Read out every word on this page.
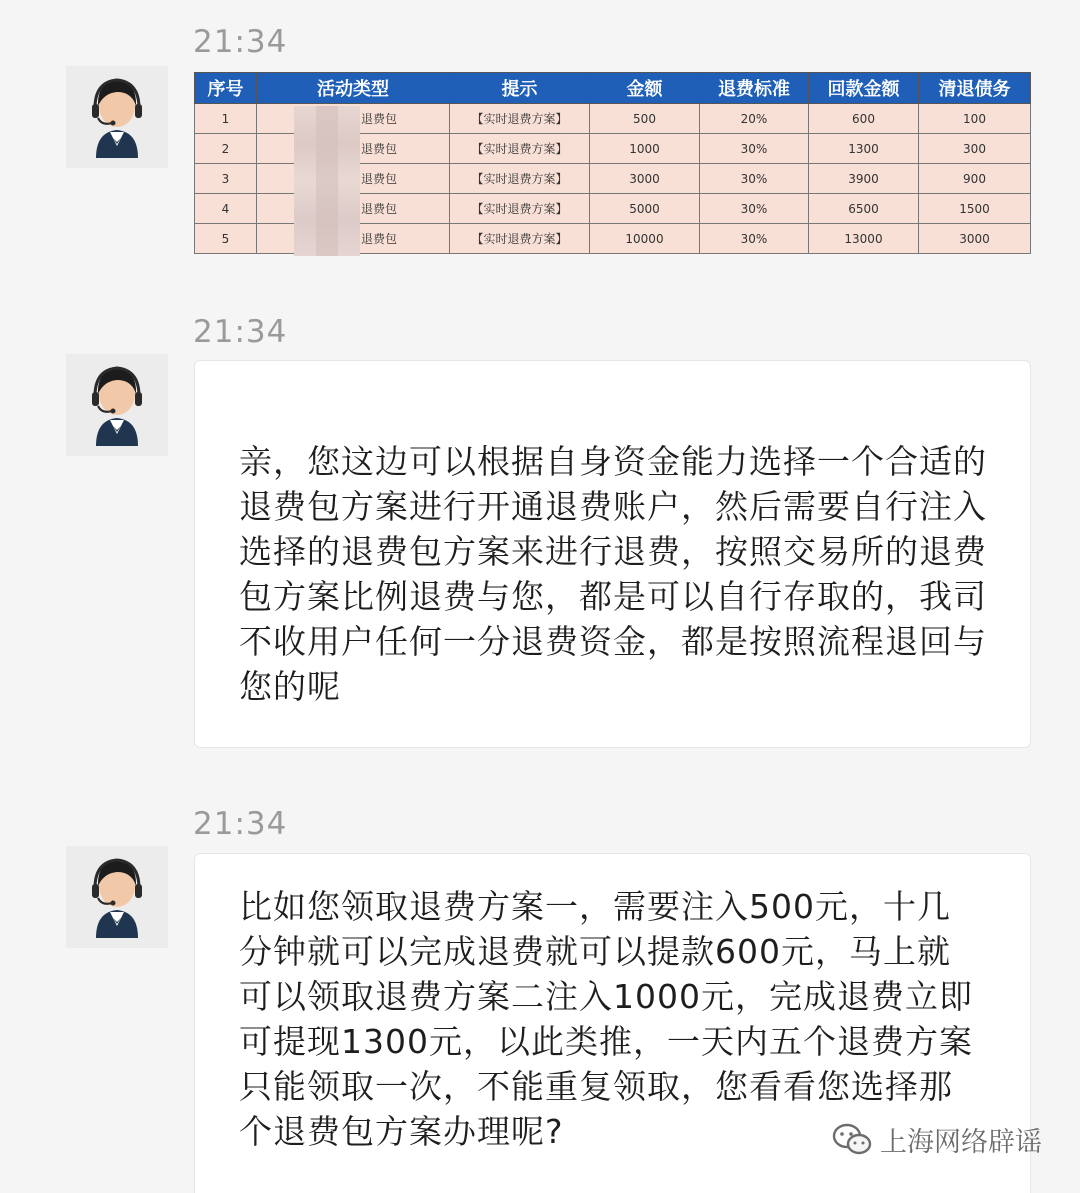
21:34
序号	活动类型	提示	金额	退费标准	回款金额	清退债务
1	退费包	【实时退费方案】	500	20%	600	100
2	退费包	【实时退费方案】	1000	30%	1300	300
3	退费包	【实时退费方案】	3000	30%	3900	900
4	退费包	【实时退费方案】	5000	30%	6500	1500
5	退费包	【实时退费方案】	10000	30%	13000	3000
21:34
亲，您这边可以根据自身资金能力选择一个合适的退费包方案进行开通退费账户，然后需要自行注入选择的退费包方案来进行退费，按照交易所的退费包方案比例退费与您，都是可以自行存取的，我司不收用户任何一分退费资金，都是按照流程退回与您的呢
21:34
比如您领取退费方案一，需要注入500元，十几分钟就可以完成退费就可以提款600元，马上就可以领取退费方案二注入1000元，完成退费立即可提现1300元，以此类推，一天内五个退费方案只能领取一次，不能重复领取，您看看您选择那个退费包方案办理呢?	上海网络辟谣
